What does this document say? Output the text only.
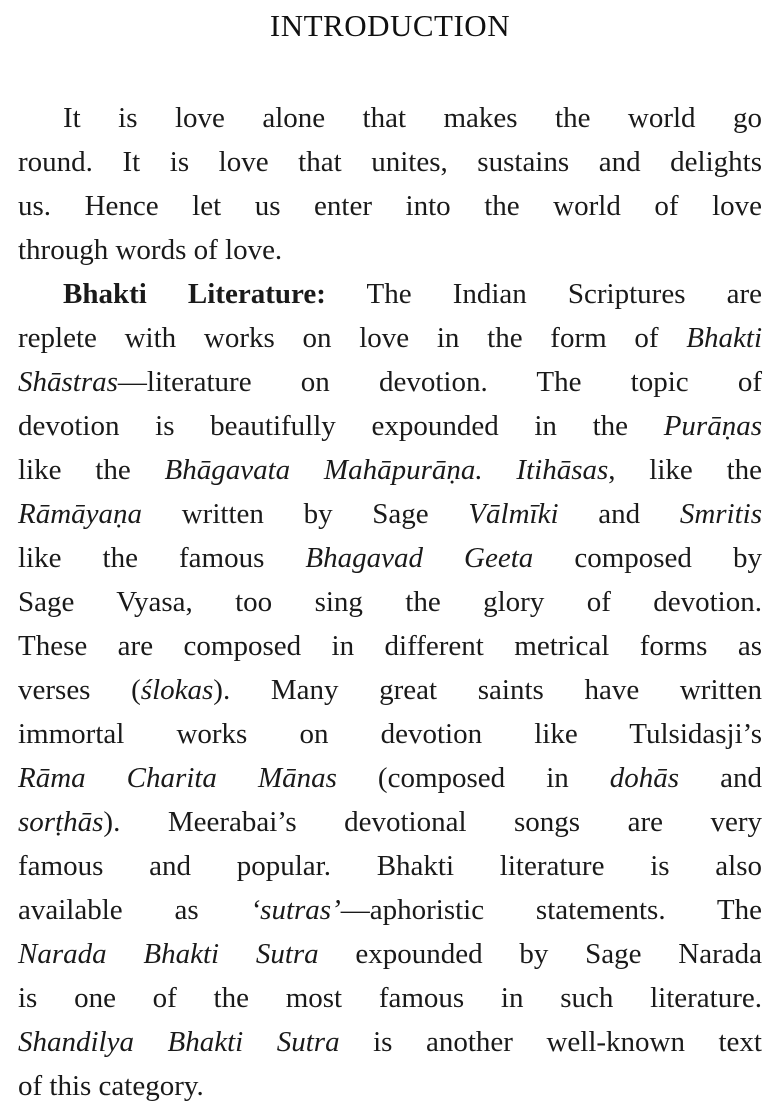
INTRODUCTION
It is love alone that makes the world go
round. It is love that unites, sustains and delights
us. Hence let us enter into the world of love
through words of love.
Bhakti Literature: The Indian Scriptures are
replete with works on love in the form of Bhakti
Shāstras—literature on devotion. The topic of
devotion is beautifully expounded in the Purāṇas
like the Bhāgavata Mahāpurāṇa. Itihāsas, like the
Rāmāyaṇa written by Sage Vālmīki and Smritis
like the famous Bhagavad Geeta composed by
Sage Vyasa, too sing the glory of devotion.
These are composed in different metrical forms as
verses (ślokas). Many great saints have written
immortal works on devotion like Tulsidasji’s
Rāma Charita Mānas (composed in dohās and
sorṭhās). Meerabai’s devotional songs are very
famous and popular. Bhakti literature is also
available as ‘sutras’—aphoristic statements. The
Narada Bhakti Sutra expounded by Sage Narada
is one of the most famous in such literature.
Shandilya Bhakti Sutra is another well-known text
of this category.
